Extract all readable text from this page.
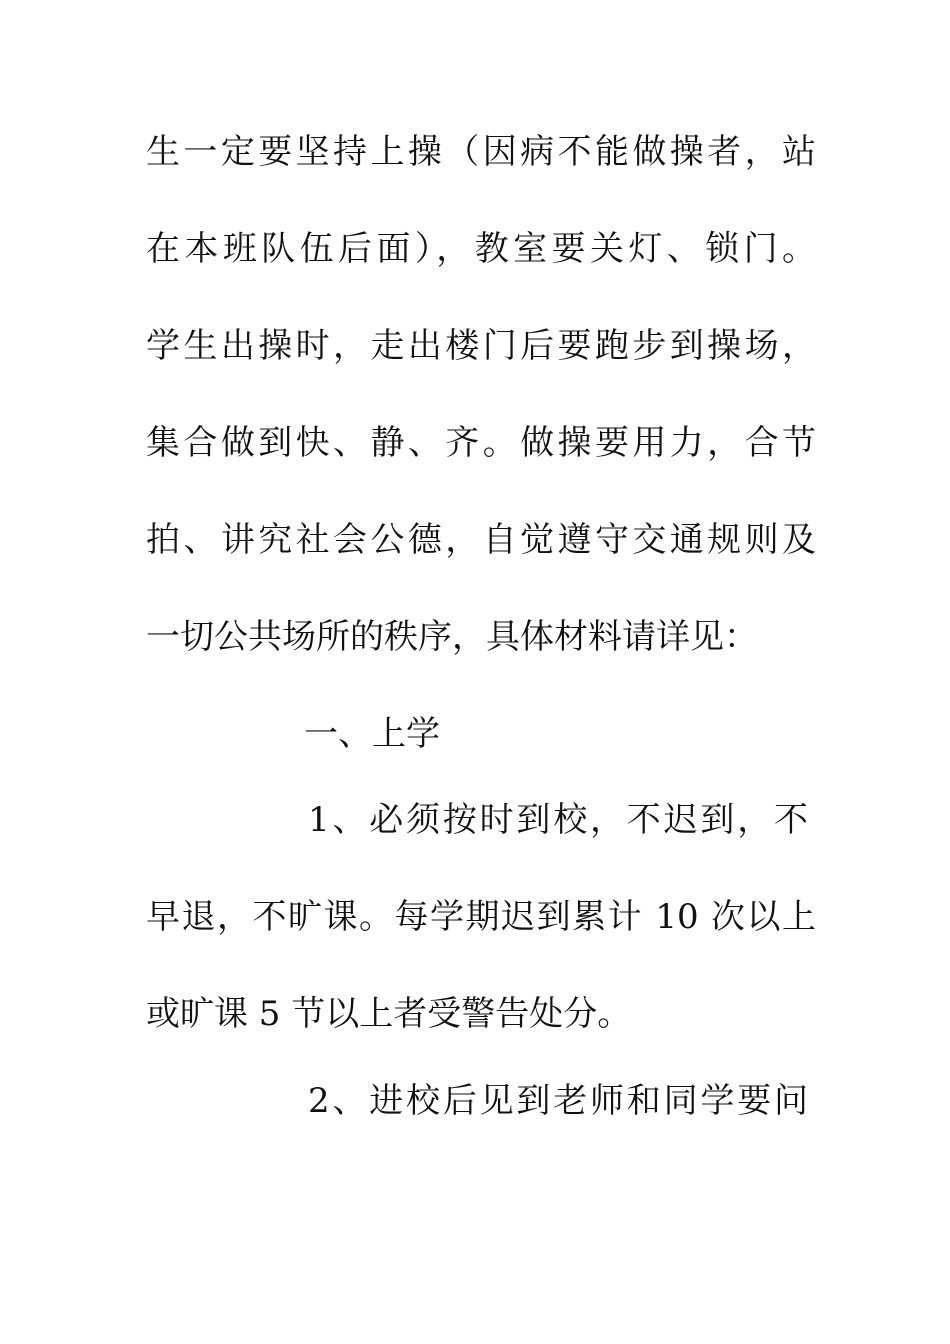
生一定要坚持上操（因病不能做操者，站
在本班队伍后面），教室要关灯、锁门。
学生出操时，走出楼门后要跑步到操场，
集合做到快、静、齐。做操要用力，合节
拍、讲究社会公德，自觉遵守交通规则及
一切公共场所的秩序，具体材料请详见：
一、上学
1、必须按时到校，不迟到，不
早退，不旷课。每学期迟到累计 10 次以上
或旷课 5 节以上者受警告处分。
2、进校后见到老师和同学要问
